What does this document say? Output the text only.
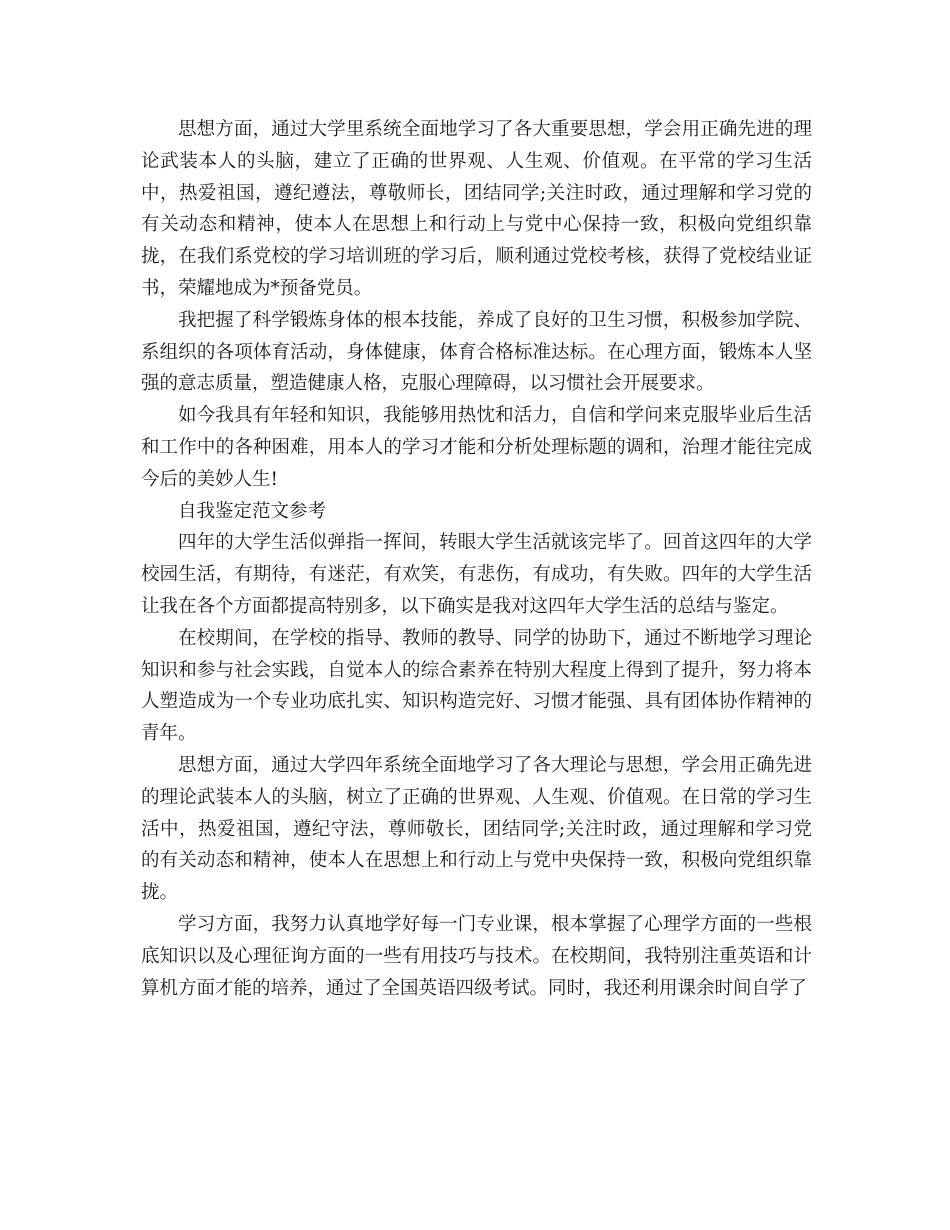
思想方面，通过大学里系统全面地学习了各大重要思想，学会用正确先进的理论武装本人的头脑，建立了正确的世界观、人生观、价值观。在平常的学习生活中，热爱祖国，遵纪遵法，尊敬师长，团结同学;关注时政，通过理解和学习党的有关动态和精神，使本人在思想上和行动上与党中心保持一致，积极向党组织靠拢，在我们系党校的学习培训班的学习后，顺利通过党校考核，获得了党校结业证书，荣耀地成为*预备党员。

我把握了科学锻炼身体的根本技能，养成了良好的卫生习惯，积极参加学院、系组织的各项体育活动，身体健康，体育合格标准达标。在心理方面，锻炼本人坚强的意志质量，塑造健康人格，克服心理障碍，以习惯社会开展要求。

如今我具有年轻和知识，我能够用热忱和活力，自信和学问来克服毕业后生活和工作中的各种困难，用本人的学习才能和分析处理标题的调和，治理才能往完成今后的美妙人生!

自我鉴定范文参考

四年的大学生活似弹指一挥间，转眼大学生活就该完毕了。回首这四年的大学校园生活，有期待，有迷茫，有欢笑，有悲伤，有成功，有失败。四年的大学生活让我在各个方面都提高特别多，以下确实是我对这四年大学生活的总结与鉴定。

在校期间，在学校的指导、教师的教导、同学的协助下，通过不断地学习理论知识和参与社会实践，自觉本人的综合素养在特别大程度上得到了提升，努力将本人塑造成为一个专业功底扎实、知识构造完好、习惯才能强、具有团体协作精神的青年。

思想方面，通过大学四年系统全面地学习了各大理论与思想，学会用正确先进的理论武装本人的头脑，树立了正确的世界观、人生观、价值观。在日常的学习生活中，热爱祖国，遵纪守法，尊师敬长，团结同学;关注时政，通过理解和学习党的有关动态和精神，使本人在思想上和行动上与党中央保持一致，积极向党组织靠拢。

学习方面，我努力认真地学好每一门专业课，根本掌握了心理学方面的一些根底知识以及心理征询方面的一些有用技巧与技术。在校期间，我特别注重英语和计算机方面才能的培养，通过了全国英语四级考试。同时，我还利用课余时间自学了
